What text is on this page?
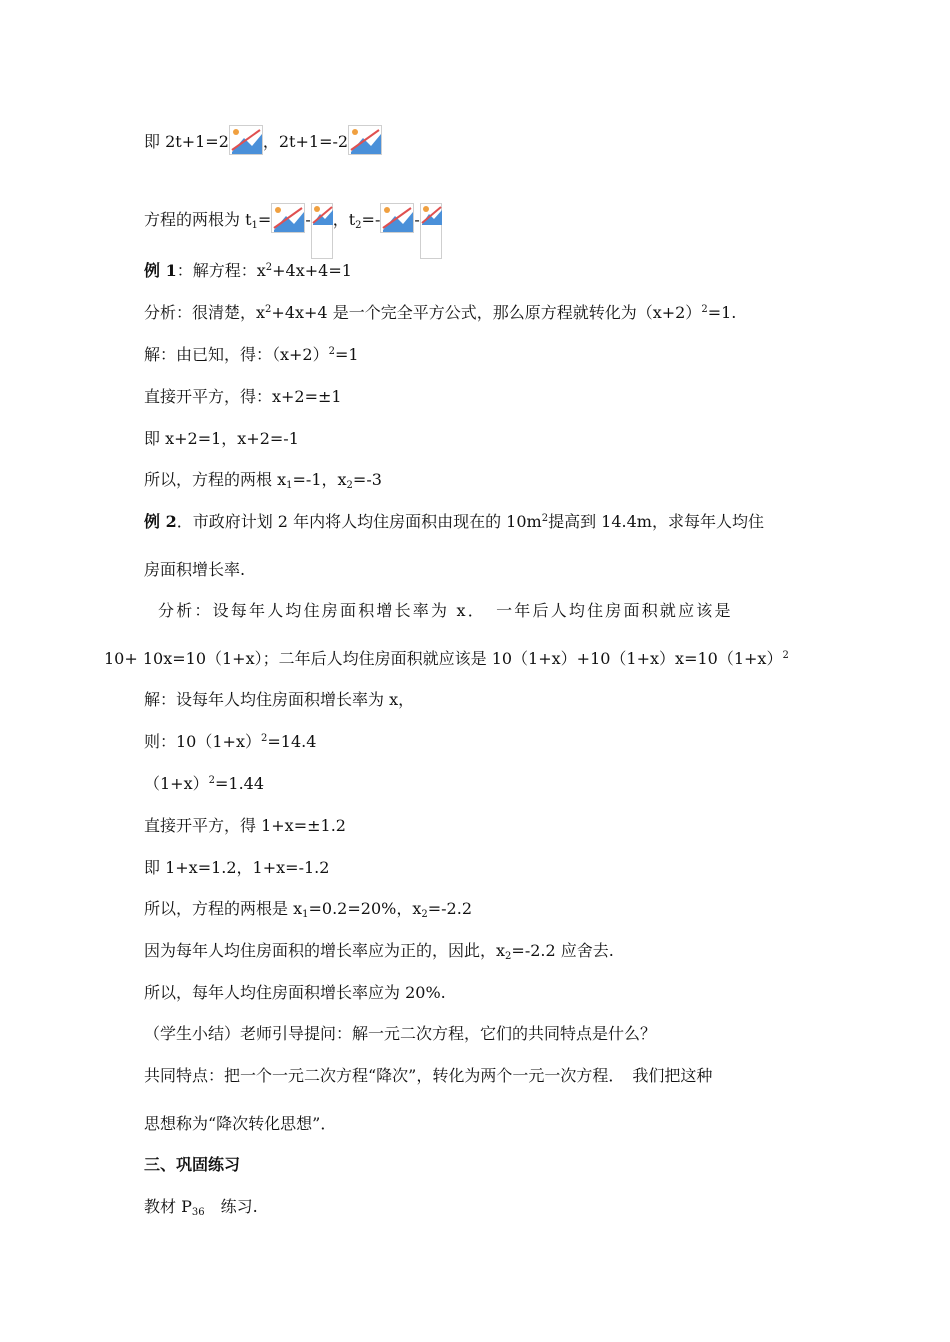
即 2t+1=2 ，2t+1=-2
方程的两根为 $t_1=$ - ，$t_2=-$ -
例 1：解方程：$x^2+4x+4=1$
分析：很清楚，$x^2+4x+4$ 是一个完全平方公式，那么原方程就转化为$(x+2)^2=1$.
解：由已知，得：$(x+2)^2=1$
直接开平方，得：x+2=±1
即 x+2=1，x+2=-1
所以，方程的两根 $x_1=-1$，$x_2=-3$
例 2．市政府计划 2 年内将人均住房面积由现在的 $10m^2$提高到 14.4m，求每年人均住
房面积增长率.
分析：设每年人均住房面积增长率为 x．　一年后人均住房面积就应该是
10+ 10x=10（1+x）；二年后人均住房面积就应该是 $10(1+x)+10(1+x)x=10(1+x)^2$
解：设每年人均住房面积增长率为 x，
则：$10(1+x)^2=14.4$
$(1+x)^2=1.44$
直接开平方，得 1+x=±1.2
即 1+x=1.2，1+x=-1.2
所以，方程的两根是 $x_1=0.2=20\%$，$x_2=-2.2$
因为每年人均住房面积的增长率应为正的，因此，$x_2=-2.2$ 应舍去.
所以，每年人均住房面积增长率应为 20%.
（学生小结）老师引导提问：解一元二次方程，它们的共同特点是什么？
共同特点：把一个一元二次方程“降次”，转化为两个一元一次方程．　我们把这种
思想称为“降次转化思想”．
三、巩固练习
教材 $P_{36}$　练习.
